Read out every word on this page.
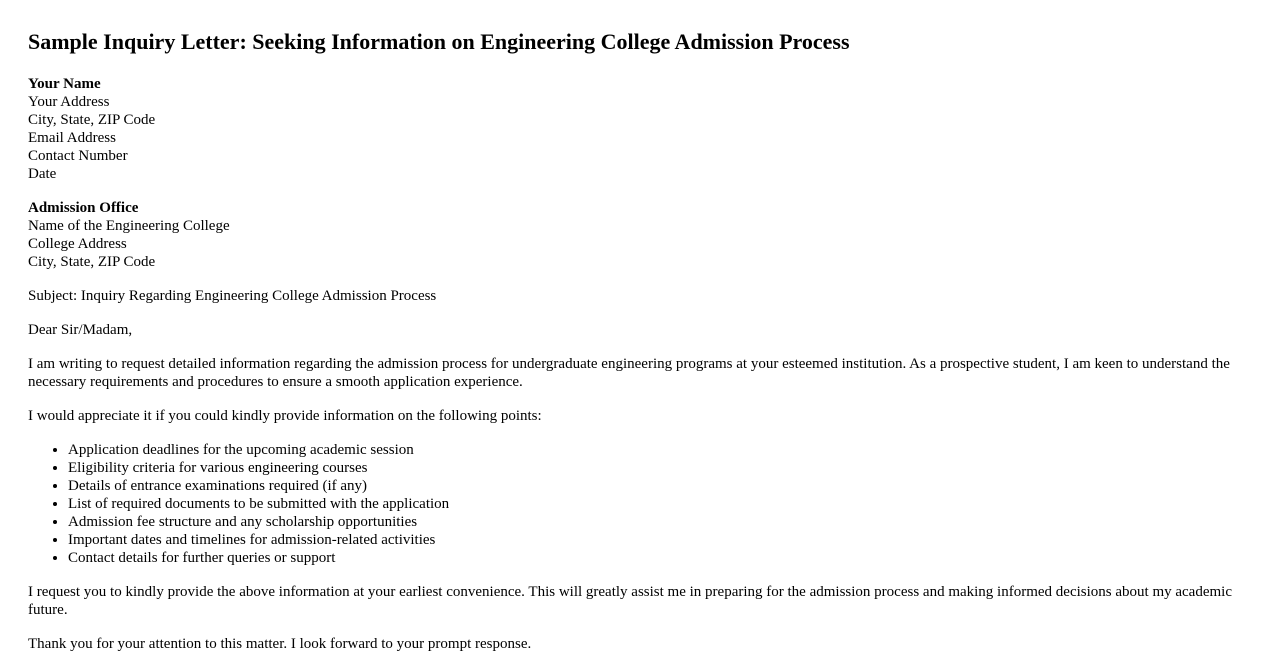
Sample Inquiry Letter: Seeking Information on Engineering College Admission Process
Your Name
Your Address
City, State, ZIP Code
Email Address
Contact Number
Date
Admission Office
Name of the Engineering College
College Address
City, State, ZIP Code

Subject: Inquiry Regarding Engineering College Admission Process

Dear Sir/Madam,

I am writing to request detailed information regarding the admission process for undergraduate engineering programs at your esteemed institution. As a prospective student, I am keen to understand the necessary requirements and procedures to ensure a smooth application experience.

I would appreciate it if you could kindly provide information on the following points:

• Application deadlines for the upcoming academic session
• Eligibility criteria for various engineering courses
• Details of entrance examinations required (if any)
• List of required documents to be submitted with the application
• Admission fee structure and any scholarship opportunities
• Important dates and timelines for admission-related activities
• Contact details for further queries or support

I request you to kindly provide the above information at your earliest convenience. This will greatly assist me in preparing for the admission process and making informed decisions about my academic future.

Thank you for your attention to this matter. I look forward to your prompt response.
